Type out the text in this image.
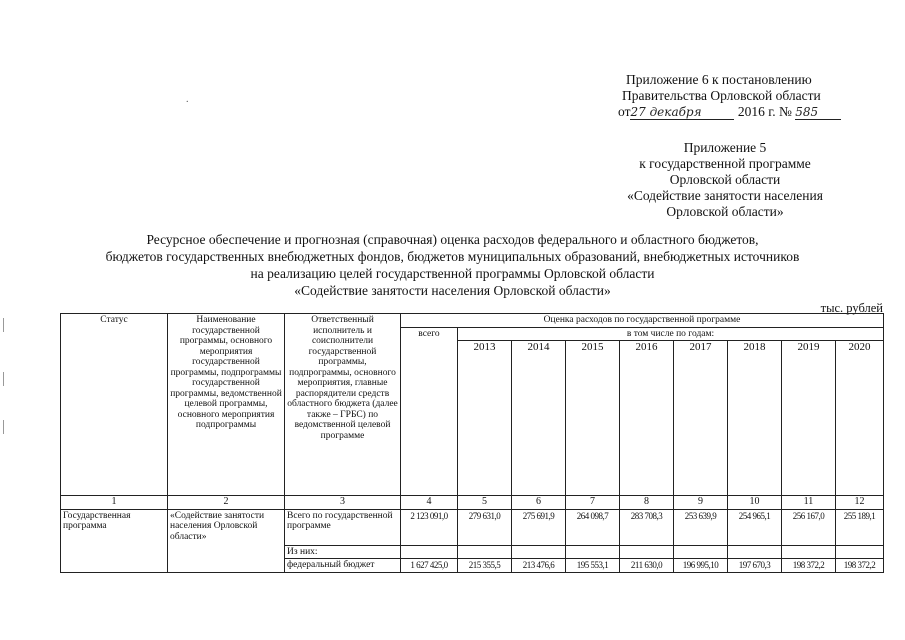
.
Приложение 6 к постановлению
Правительства Орловской области
от27 декабря	2016 г. № 585
Приложение 5
к государственной программе
Орловской области
«Содействие занятости населения
Орловской области»
Ресурсное обеспечение и прогнозная (справочная) оценка расходов федерального и областного бюджетов,
бюджетов государственных внебюджетных фондов, бюджетов муниципальных образований, внебюджетных источников
на реализацию целей государственной программы Орловской области
«Содействие занятости населения Орловской области»
тыс. рублей
Статус	Наименование государственной программы, основного мероприятия государственной программы, подпрограммы государственной программы, ведомственной целевой программы, основного мероприятия подпрограммы	Ответственный исполнитель и соисполнители государственной программы, подпрограммы, основного мероприятия, главные распорядители средств областного бюджета (далее также – ГРБС) по ведомственной целевой программе	Оценка расходов по государственной программе								
			всего	в том числе по годам:							
				2013	2014	2015	2016	2017	2018	2019	2020
1	2	3	4	5	6	7	8	9	10	11	12
Государственная программа	«Содействие занятости населения Орловской области»	Всего по государственной программе	2 123 091,0	279 631,0	275 691,9	264 098,7	283 708,3	253 639,9	254 965,1	256 167,0	255 189,1
		Из них:									
		федеральный бюджет	1 627 425,0	215 355,5	213 476,6	195 553,1	211 630,0	196 995,10	197 670,3	198 372,2	198 372,2
